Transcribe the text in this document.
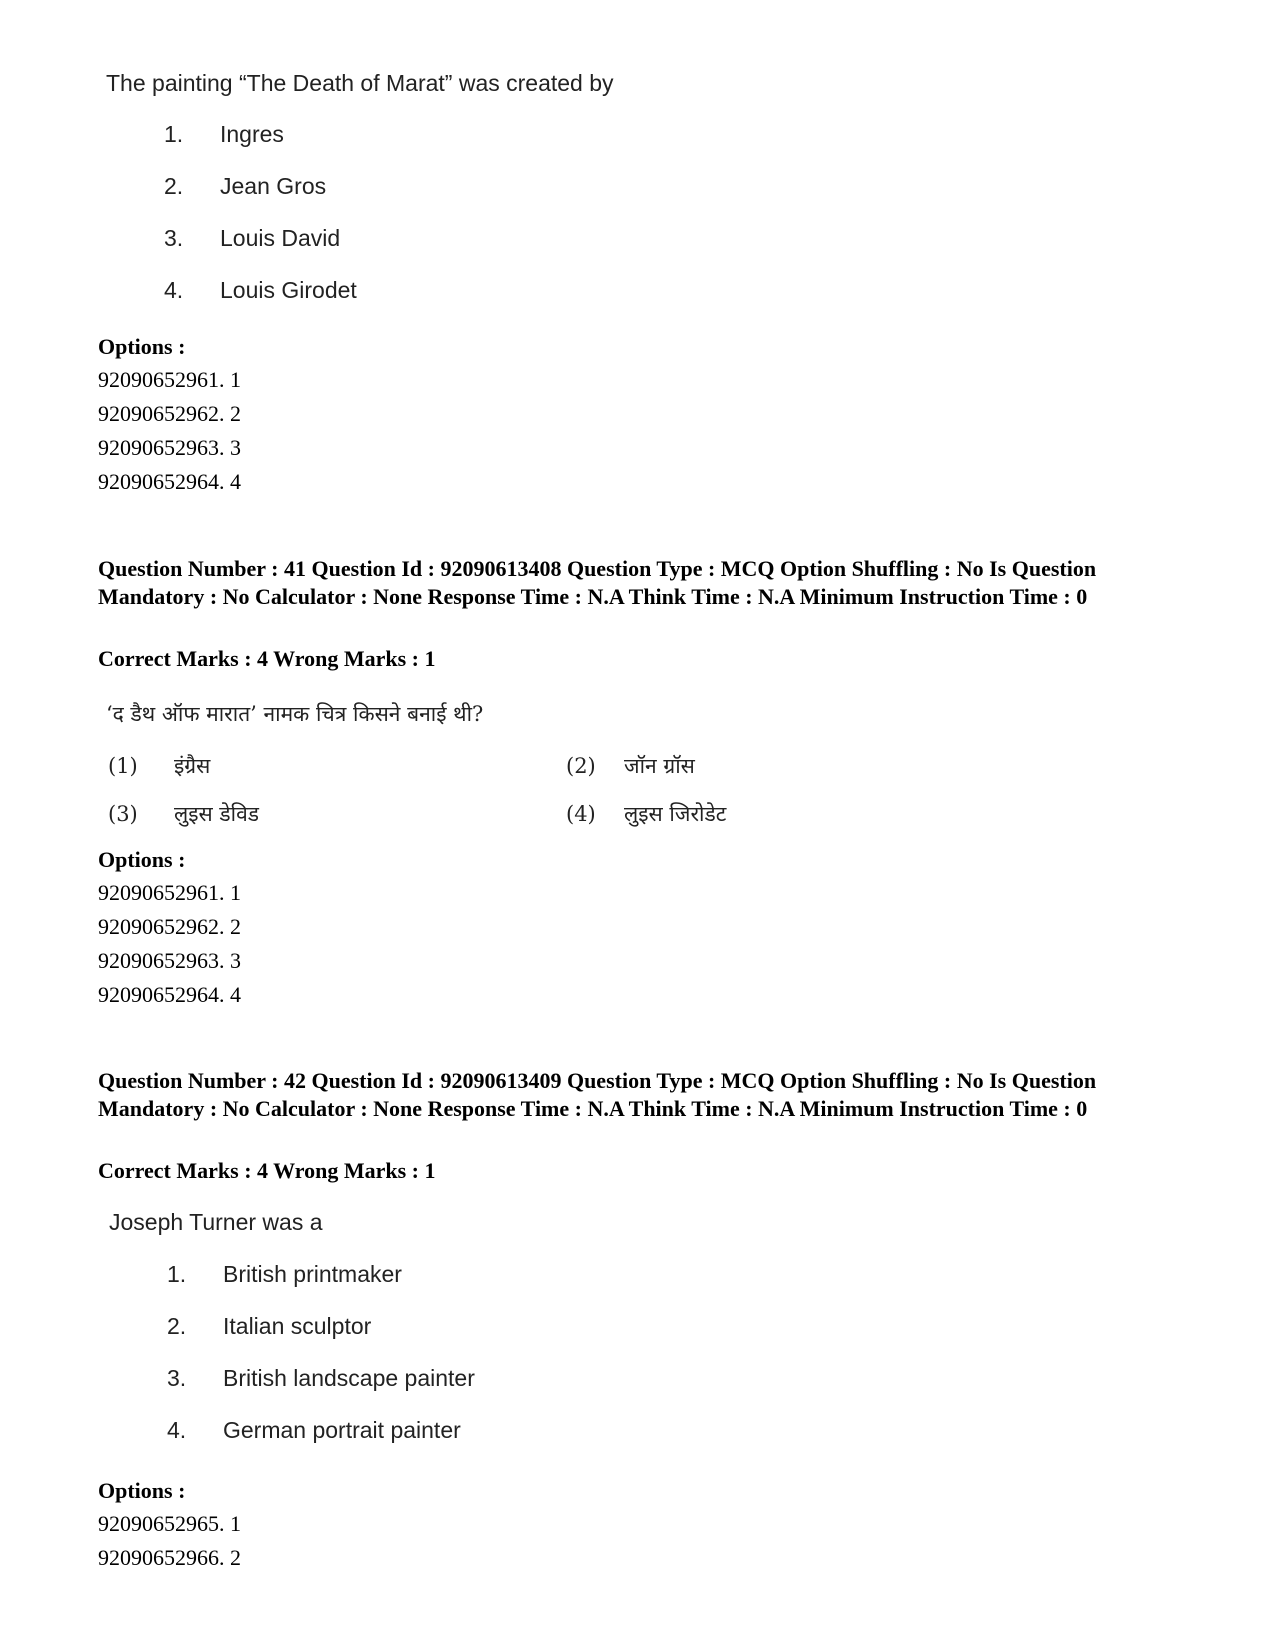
The painting “The Death of Marat” was created by
1. Ingres
2. Jean Gros
3. Louis David
4. Louis Girodet
Options :
92090652961. 1
92090652962. 2
92090652963. 3
92090652964. 4
Question Number : 41 Question Id : 92090613408 Question Type : MCQ Option Shuffling : No Is Question Mandatory : No Calculator : None Response Time : N.A Think Time : N.A Minimum Instruction Time : 0
Correct Marks : 4 Wrong Marks : 1
‘द डैथ ऑफ मारात’ नामक चित्र किसने बनाई थी?
(1) इंग्रैस	(2) जॉन ग्रॉस
(3) लुइस डेविड	(4) लुइस जिरोडेट
Options :
92090652961. 1
92090652962. 2
92090652963. 3
92090652964. 4
Question Number : 42 Question Id : 92090613409 Question Type : MCQ Option Shuffling : No Is Question Mandatory : No Calculator : None Response Time : N.A Think Time : N.A Minimum Instruction Time : 0
Correct Marks : 4 Wrong Marks : 1
Joseph Turner was a
1. British printmaker
2. Italian sculptor
3. British landscape painter
4. German portrait painter
Options :
92090652965. 1
92090652966. 2
